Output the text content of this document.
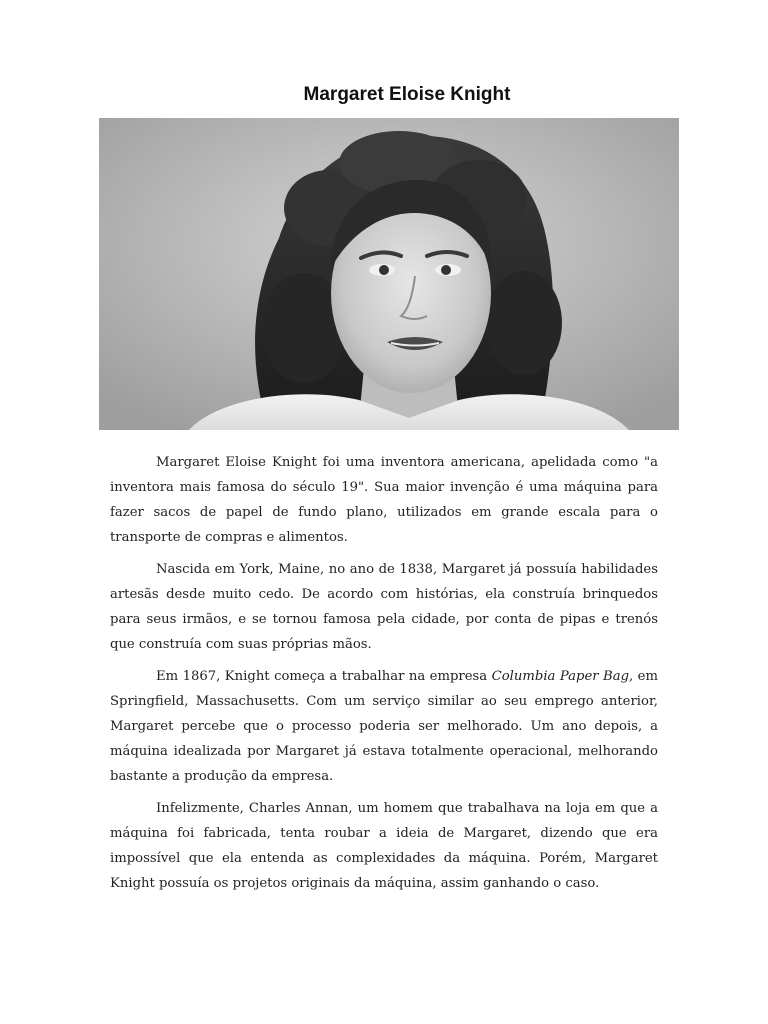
Margaret Eloise Knight

Margaret Eloise Knight foi uma inventora americana, apelidada como "a inventora mais famosa do século 19". Sua maior invenção é uma máquina para fazer sacos de papel de fundo plano, utilizados em grande escala para o transporte de compras e alimentos.

Nascida em York, Maine, no ano de 1838, Margaret já possuía habilidades artesãs desde muito cedo. De acordo com histórias, ela construía brinquedos para seus irmãos, e se tornou famosa pela cidade, por conta de pipas e trenós que construía com suas próprias mãos.

Em 1867, Knight começa a trabalhar na empresa Columbia Paper Bag, em Springfield, Massachusetts. Com um serviço similar ao seu emprego anterior, Margaret percebe que o processo poderia ser melhorado. Um ano depois, a máquina idealizada por Margaret já estava totalmente operacional, melhorando bastante a produção da empresa.

Infelizmente, Charles Annan, um homem que trabalhava na loja em que a máquina foi fabricada, tenta roubar a ideia de Margaret, dizendo que era impossível que ela entenda as complexidades da máquina. Porém, Margaret Knight possuía os projetos originais da máquina, assim ganhando o caso.
